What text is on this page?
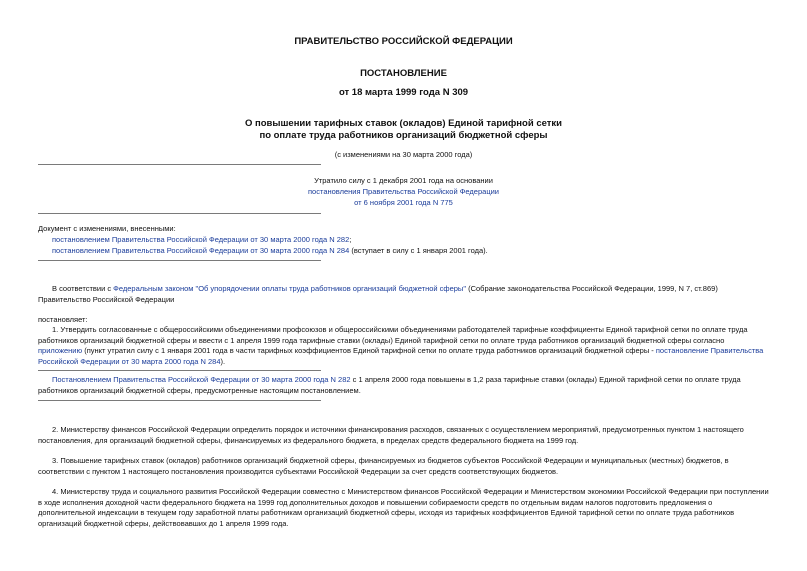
ПРАВИТЕЛЬСТВО РОССИЙСКОЙ ФЕДЕРАЦИИ
ПОСТАНОВЛЕНИЕ
от 18 марта 1999 года N 309
О повышении тарифных ставок (окладов) Единой тарифной сетки
по оплате труда работников организаций бюджетной сферы
(с изменениями на 30 марта 2000 года)
Утратило силу с 1 декабря 2001 года на основании
постановления Правительства Российской Федерации
от 6 ноября 2001 года N 775
Документ с изменениями, внесенными:
постановлением Правительства Российской Федерации от 30 марта 2000 года N 282;
постановлением Правительства Российской Федерации от 30 марта 2000 года N 284 (вступает в силу с 1 января 2001 года).
В соответствии с Федеральным законом "Об упорядочении оплаты труда работников организаций бюджетной сферы" (Собрание законодательства Российской Федерации, 1999, N 7, ст.869) Правительство Российской Федерации
постановляет:
1. Утвердить согласованные с общероссийскими объединениями профсоюзов и общероссийскими объединениями работодателей тарифные коэффициенты Единой тарифной сетки по оплате труда работников организаций бюджетной сферы и ввести с 1 апреля 1999 года тарифные ставки (оклады) Единой тарифной сетки по оплате труда работников организаций бюджетной сферы согласно приложению (пункт утратил силу с 1 января 2001 года в части тарифных коэффициентов Единой тарифной сетки по оплате труда работников организаций бюджетной сферы - постановление Правительства Российской Федерации от 30 марта 2000 года N 284).
Постановлением Правительства Российской Федерации от 30 марта 2000 года N 282 с 1 апреля 2000 года повышены в 1,2 раза тарифные ставки (оклады) Единой тарифной сетки по оплате труда работников организаций бюджетной сферы, предусмотренные настоящим постановлением.
2. Министерству финансов Российской Федерации определить порядок и источники финансирования расходов, связанных с осуществлением мероприятий, предусмотренных пунктом 1 настоящего постановления, для организаций бюджетной сферы, финансируемых из федерального бюджета, в пределах средств федерального бюджета на 1999 год.
3. Повышение тарифных ставок (окладов) работников организаций бюджетной сферы, финансируемых из бюджетов субъектов Российской Федерации и муниципальных (местных) бюджетов, в соответствии с пунктом 1 настоящего постановления производится субъектами Российской Федерации за счет средств соответствующих бюджетов.
4. Министерству труда и социального развития Российской Федерации совместно с Министерством финансов Российской Федерации и Министерством экономики Российской Федерации при поступлении в ходе исполнения доходной части федерального бюджета на 1999 год дополнительных доходов и повышении собираемости средств по отдельным видам налогов подготовить предложения о дополнительной индексации в текущем году заработной платы работникам организаций бюджетной сферы, исходя из тарифных коэффициентов Единой тарифной сетки по оплате труда работников организаций бюджетной сферы, действовавших до 1 апреля 1999 года.
